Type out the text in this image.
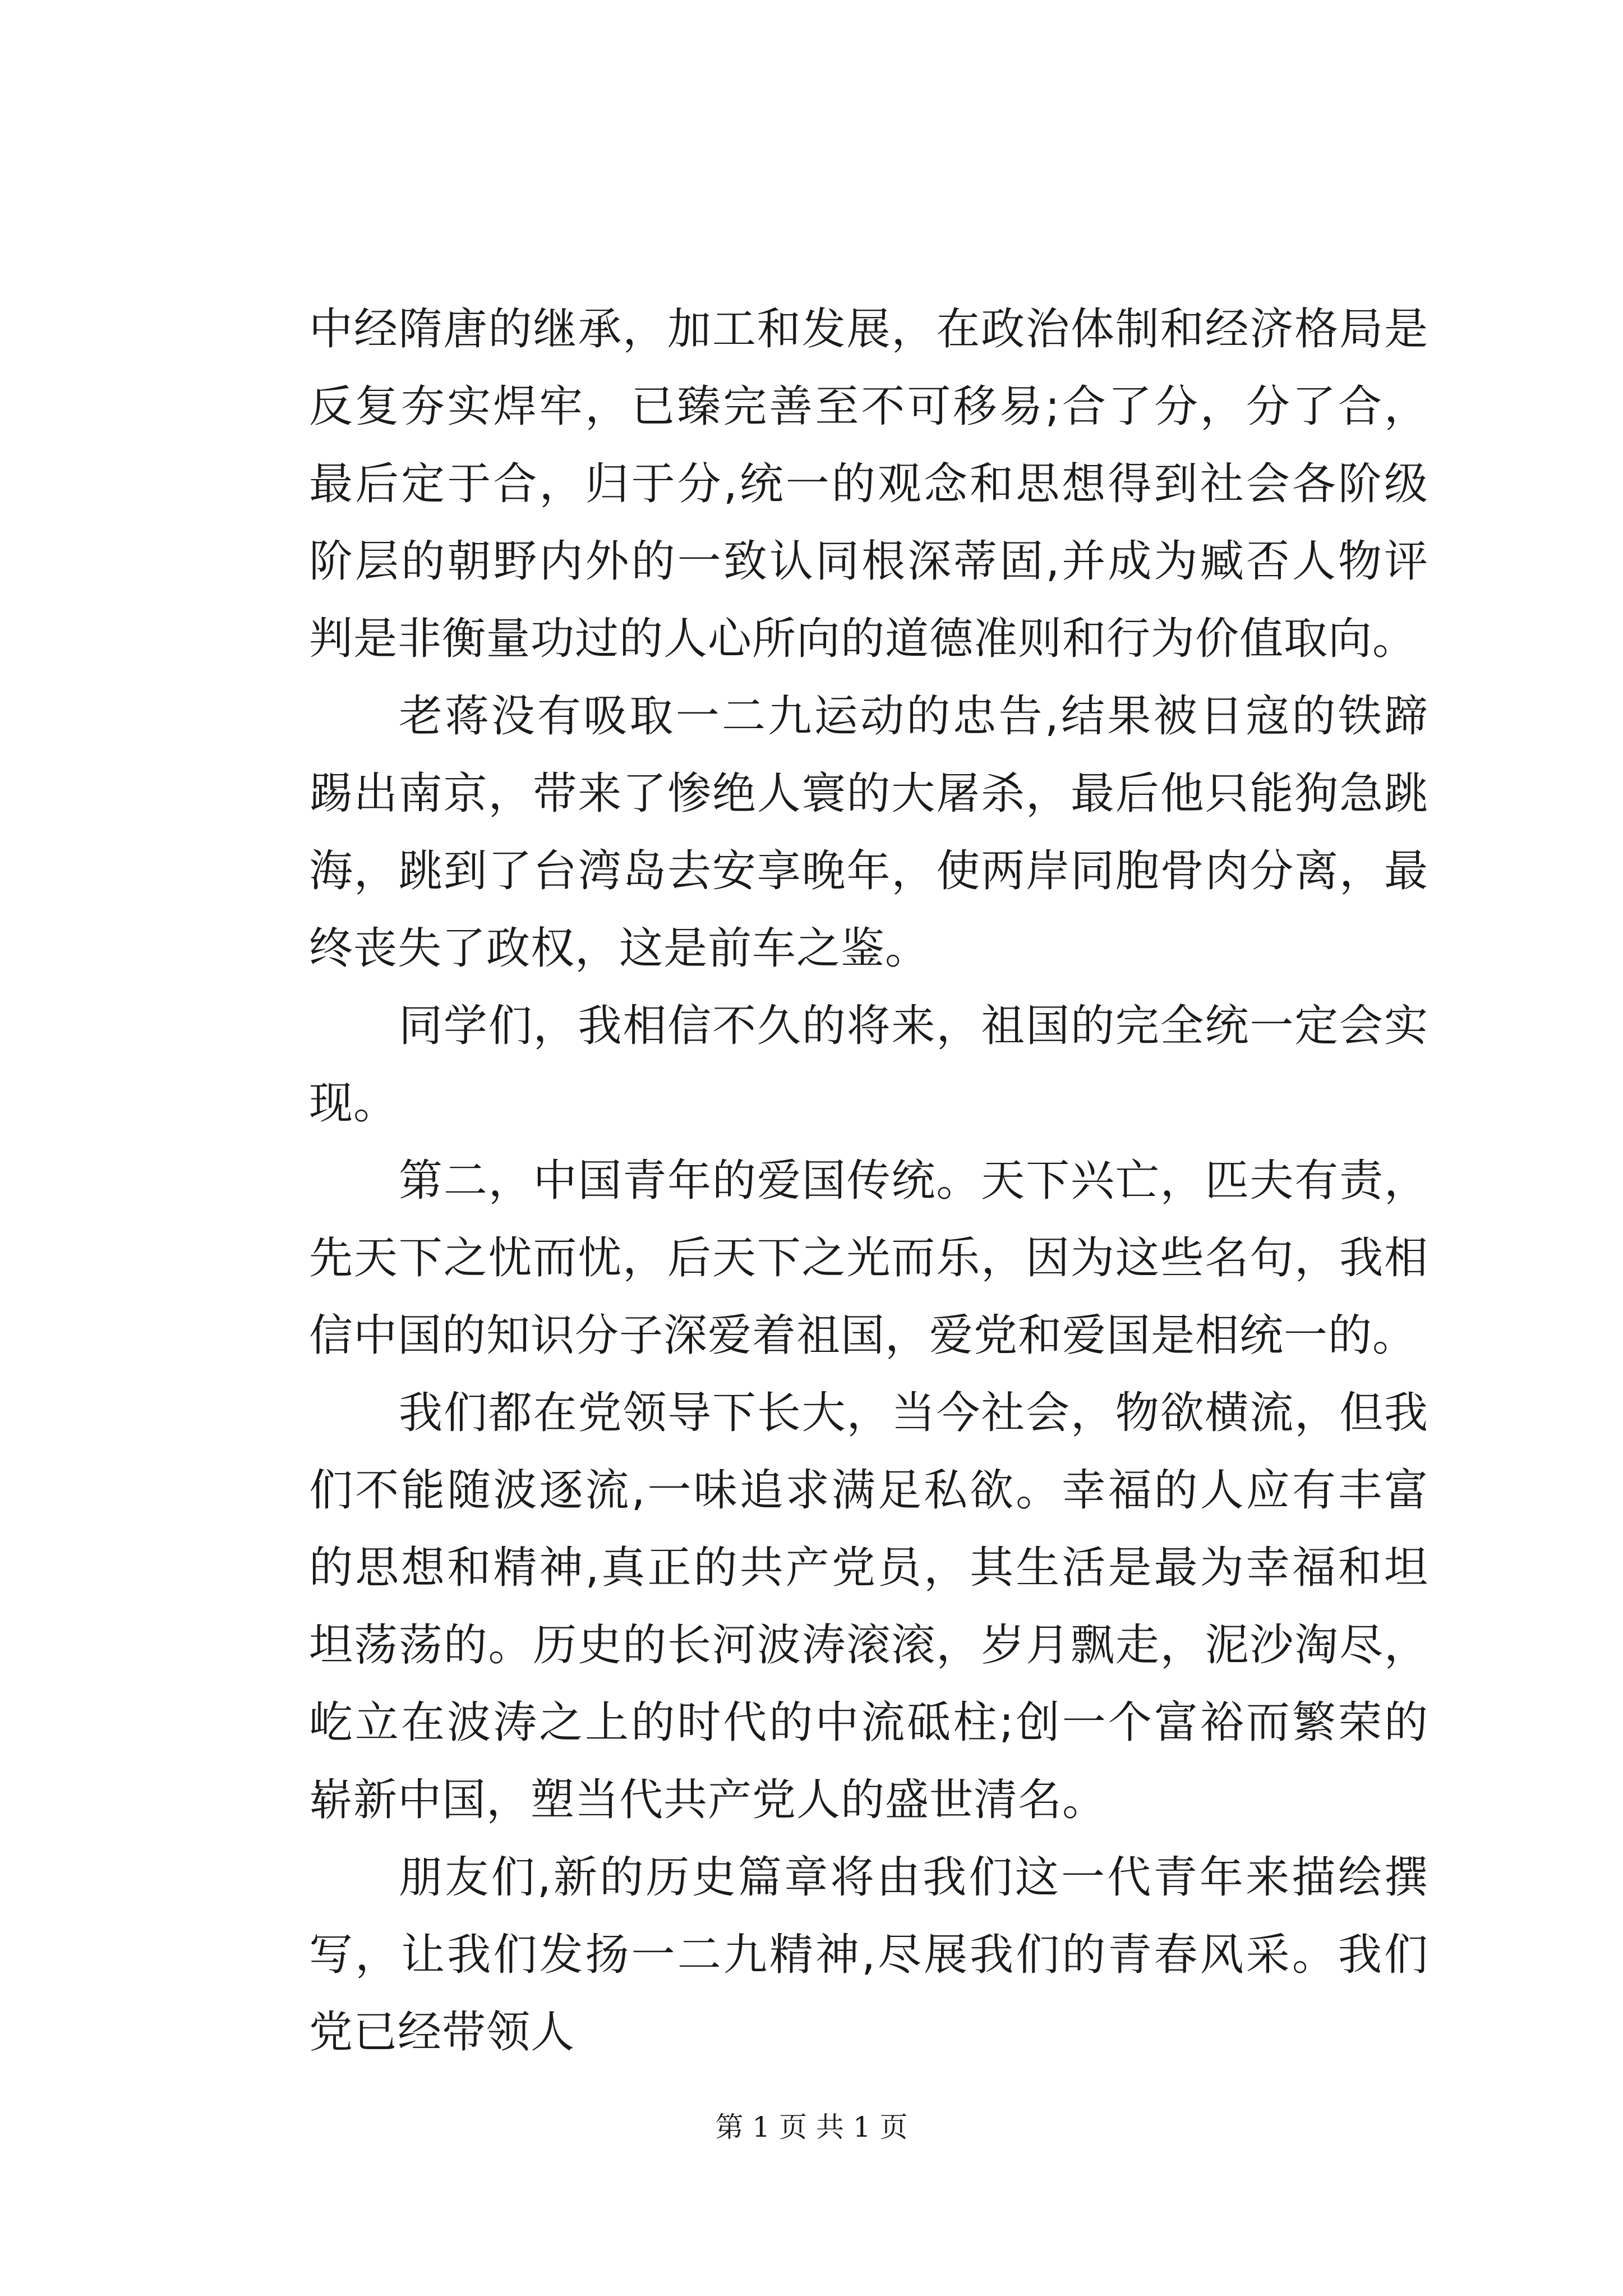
中经隋唐的继承，加工和发展，在政治体制和经济格局是反复夯实焊牢，已臻完善至不可移易;合了分，分了合，最后定于合，归于分,统一的观念和思想得到社会各阶级阶层的朝野内外的一致认同根深蒂固,并成为臧否人物评判是非衡量功过的人心所向的道德准则和行为价值取向。

老蒋没有吸取一二九运动的忠告,结果被日寇的铁蹄踢出南京，带来了惨绝人寰的大屠杀，最后他只能狗急跳海，跳到了台湾岛去安享晚年，使两岸同胞骨肉分离，最终丧失了政权，这是前车之鉴。

同学们，我相信不久的将来，祖国的完全统一定会实现。

第二，中国青年的爱国传统。天下兴亡，匹夫有责，先天下之忧而忧，后天下之光而乐，因为这些名句，我相信中国的知识分子深爱着祖国，爱党和爱国是相统一的。

我们都在党领导下长大，当今社会，物欲横流，但我们不能随波逐流,一味追求满足私欲。幸福的人应有丰富的思想和精神,真正的共产党员，其生活是最为幸福和坦坦荡荡的。历史的长河波涛滚滚，岁月飘走，泥沙淘尽，屹立在波涛之上的时代的中流砥柱;创一个富裕而繁荣的崭新中国，塑当代共产党人的盛世清名。

朋友们,新的历史篇章将由我们这一代青年来描绘撰写，让我们发扬一二九精神,尽展我们的青春风采。我们党已经带领人

第 1 页 共 1 页
